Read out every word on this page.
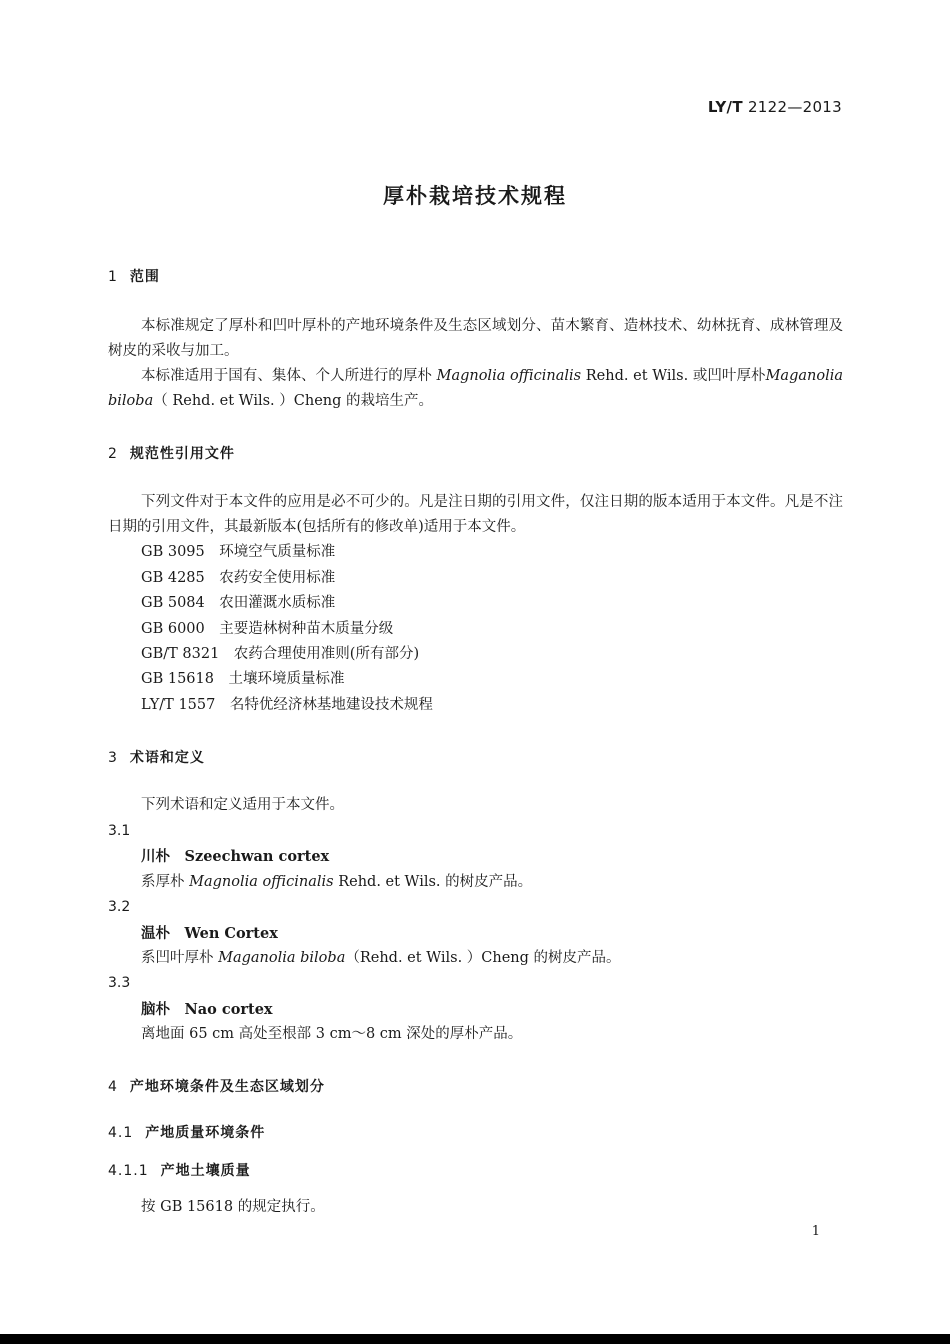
LY/T 2122—2013
厚朴栽培技术规程
1 范围
本标准规定了厚朴和凹叶厚朴的产地环境条件及生态区域划分、苗木繁育、造林技术、幼林抚育、成林管理及树皮的采收与加工。
本标准适用于国有、集体、个人所进行的厚朴 Magnolia officinalis Rehd. et Wils. 或凹叶厚朴Maganolia biloba（ Rehd. et Wils. ）Cheng 的栽培生产。
2 规范性引用文件
下列文件对于本文件的应用是必不可少的。凡是注日期的引用文件，仅注日期的版本适用于本文件。凡是不注日期的引用文件，其最新版本(包括所有的修改单)适用于本文件。
GB 3095　环境空气质量标准
GB 4285　农药安全使用标准
GB 5084　农田灌溉水质标准
GB 6000　主要造林树种苗木质量分级
GB/T 8321　农药合理使用准则(所有部分)
GB 15618　土壤环境质量标准
LY/T 1557　名特优经济林基地建设技术规程
3 术语和定义
下列术语和定义适用于本文件。
3.1
川朴　Szeechwan cortex
系厚朴 Magnolia officinalis Rehd. et Wils. 的树皮产品。
3.2
温朴　Wen Cortex
系凹叶厚朴 Maganolia biloba（Rehd. et Wils. ）Cheng 的树皮产品。
3.3
脑朴　Nao cortex
离地面 65 cm 高处至根部 3 cm～8 cm 深处的厚朴产品。
4 产地环境条件及生态区域划分
4.1 产地质量环境条件
4.1.1 产地土壤质量
按 GB 15618 的规定执行。
1
